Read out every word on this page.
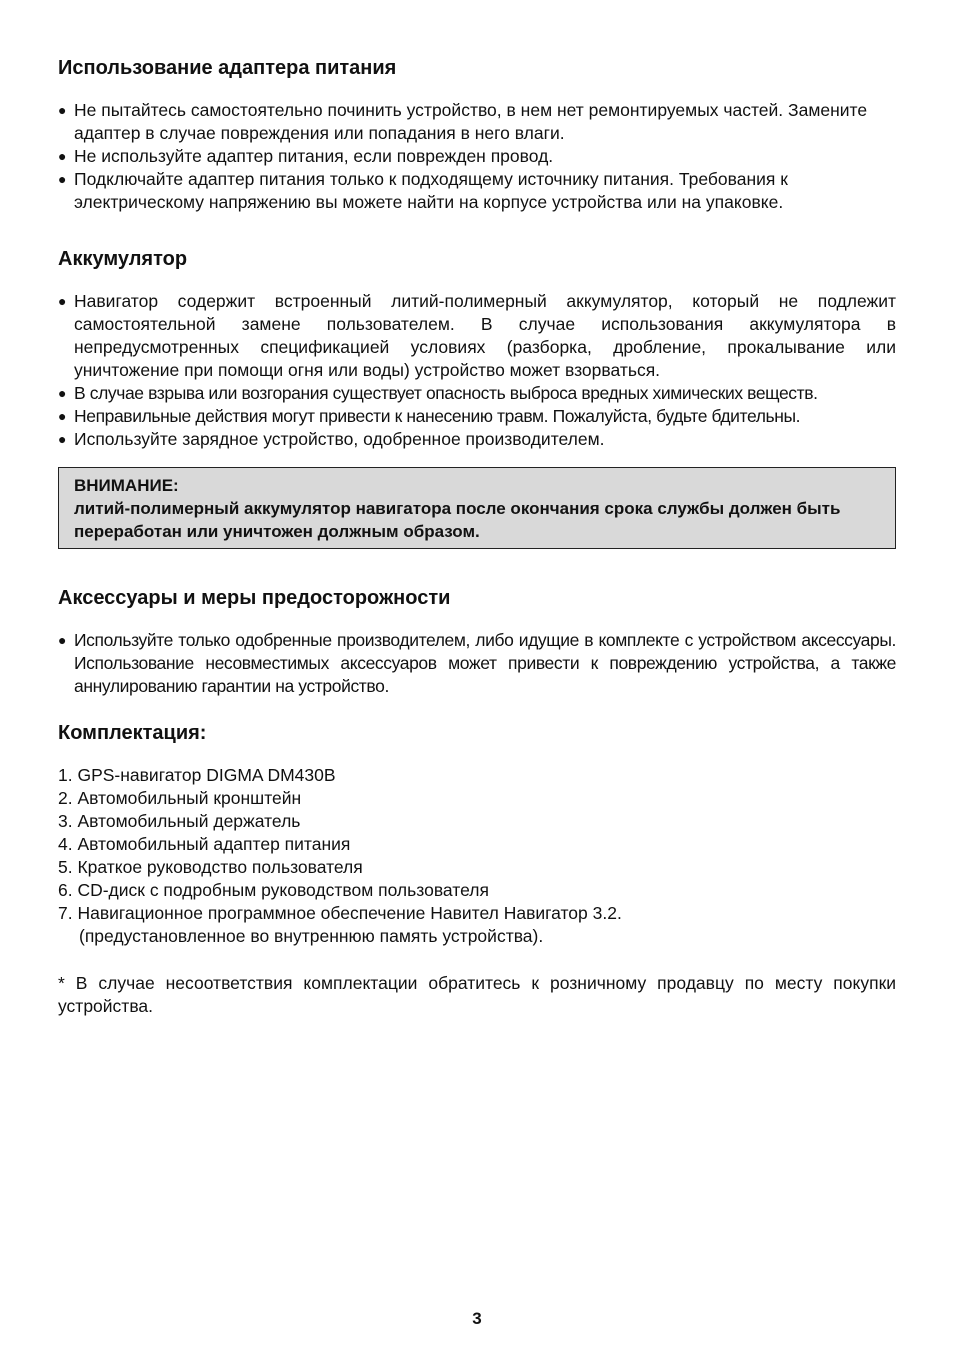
Использование адаптера питания
● Не пытайтесь самостоятельно починить устройство, в нем нет ремонтируемых частей. Замените адаптер в случае повреждения или попадания в него влаги.
● Не используйте адаптер питания, если поврежден провод.
● Подключайте адаптер питания только к подходящему источнику питания. Требования к электрическому напряжению вы можете найти на корпусе устройства или на упаковке.
Аккумулятор
● Навигатор содержит встроенный литий-полимерный аккумулятор, который не подлежит самостоятельной замене пользователем. В случае использования аккумулятора в непредусмотренных спецификацией условиях (разборка, дробление, прокалывание или уничтожение при помощи огня или воды) устройство может взорваться.
● В случае взрыва или возгорания существует опасность выброса вредных химических веществ.
● Неправильные действия могут привести к нанесению травм. Пожалуйста, будьте бдительны.
● Используйте зарядное устройство, одобренное производителем.
ВНИМАНИЕ:
литий-полимерный аккумулятор навигатора после окончания срока службы должен быть переработан или уничтожен должным образом.
Аксессуары и меры предосторожности
● Используйте только одобренные производителем, либо идущие в комплекте с устройством аксессуары. Использование несовместимых аксессуаров может привести к повреждению устройства, а также аннулированию гарантии на устройство.
Комплектация:
1. GPS-навигатор DIGMA DM430B
2. Автомобильный кронштейн
3. Автомобильный держатель
4. Автомобильный адаптер питания
5. Краткое руководство пользователя
6. CD-диск с подробным руководством пользователя
7. Навигационное программное обеспечение Навител Навигатор 3.2.
(предустановленное во внутреннюю память устройства).

* В случае несоответствия комплектации обратитесь к розничному продавцу по месту покупки устройства.

3
